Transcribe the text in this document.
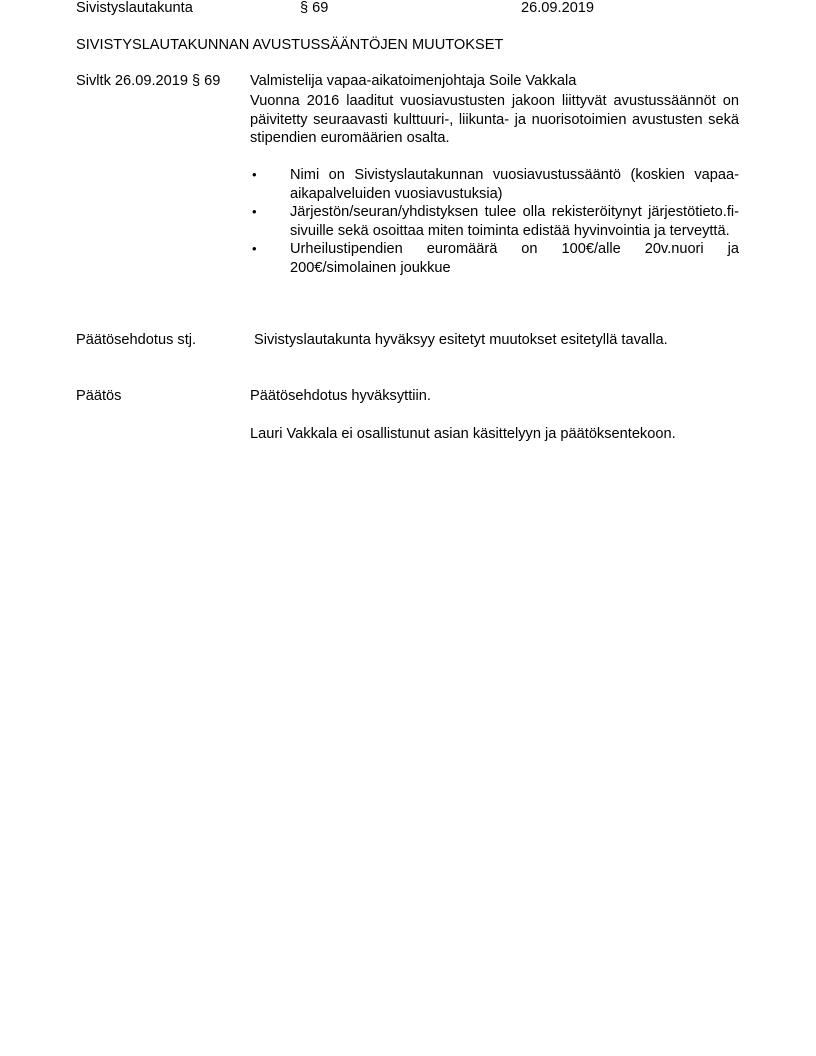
Sivistyslautakunta	§ 69	26.09.2019
SIVISTYSLAUTAKUNNAN AVUSTUSSÄÄNTÖJEN MUUTOKSET
Sivltk 26.09.2019 § 69 Valmistelija vapaa-aikatoimenjohtaja Soile Vakkala
Vuonna 2016 laaditut vuosiavustusten jakoon liittyvät avustussäännöt on päivitetty seuraavasti kulttuuri-, liikunta- ja nuorisotoimien avustusten sekä stipendien euromäärien osalta.
• Nimi on Sivistyslautakunnan vuosiavustussääntö (koskien vapaa-aikapalveluiden vuosiavustuksia)
• Järjestön/seuran/yhdistyksen tulee olla rekisteröitynyt järjestötieto.fi-sivuille sekä osoittaa miten toiminta edistää hyvinvointia ja terveyttä.
• Urheilustipendien euromäärä on 100€/alle 20v.nuori ja 200€/simolainen joukkue
Päätösehdotus stj.	Sivistyslautakunta hyväksyy esitetyt muutokset esitetyllä tavalla.
Päätös	Päätösehdotus hyväksyttiin.
Lauri Vakkala ei osallistunut asian käsittelyyn ja päätöksentekoon.
